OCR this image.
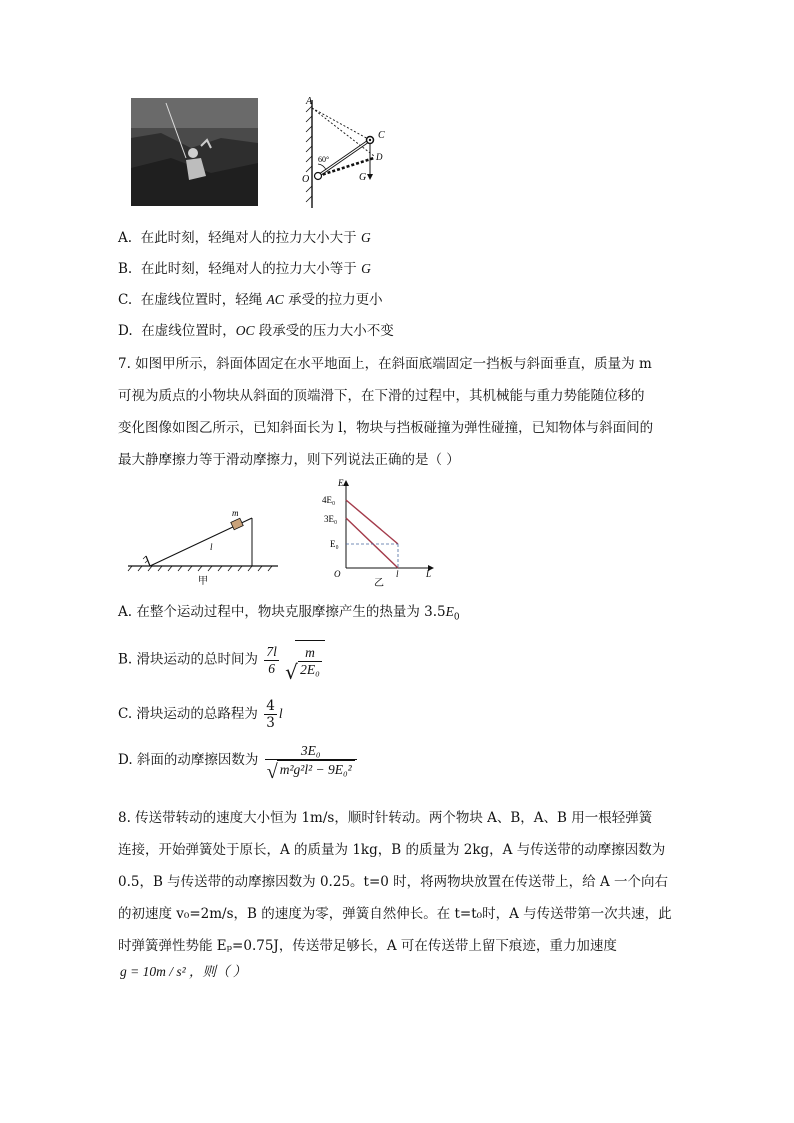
A
C
O	G
D
60°
A. 在此时刻，轻绳对人的拉力大小大于 G
B. 在此时刻，轻绳对人的拉力大小等于 G
C. 在虚线位置时，轻绳 AC 承受的拉力更小
D. 在虚线位置时，OC 段承受的压力大小不变
7. 如图甲所示，斜面体固定在水平地面上，在斜面底端固定一挡板与斜面垂直，质量为 m
可视为质点的小物块从斜面的顶端滑下，在下滑的过程中，其机械能与重力势能随位移的
变化图像如图乙所示，已知斜面长为 l，物块与挡板碰撞为弹性碰撞，已知物体与斜面间的
最大静摩擦力等于滑动摩擦力，则下列说法正确的是（ ）
m
l
甲
E
4E₀
3E₀
E₀
O	l	L
乙
A. 在整个运动过程中，物块克服摩擦产生的热量为 $3.5E_0$
B. 滑块运动的总时间为 $\frac{7l}{6}$
√ $\frac{m}{\text{2E₀}}$
C. 滑块运动的总路程为 $\frac{4}{3}$ l
D. 斜面的动摩擦因数为 $\frac{\text{3E₀}}{\text{√ m²g²l² − 9E₀²}}$
8. 传送带转动的速度大小恒为 1m/s，顺时针转动。两个物块 A、B，A、B 用一根轻弹簧
连接，开始弹簧处于原长，A 的质量为 1kg，B 的质量为 2kg，A 与传送带的动摩擦因数为
0.5，B 与传送带的动摩擦因数为 0.25。t=0 时，将两物块放置在传送带上，给 A 一个向右
的初速度 v₀=2m/s，B 的速度为零，弹簧自然伸长。在 t=t₀时，A 与传送带第一次共速，此
时弹簧弹性势能 Eₚ=0.75J，传送带足够长，A 可在传送带上留下痕迹，重力加速度
g = 10m / s² ，则（ ）
